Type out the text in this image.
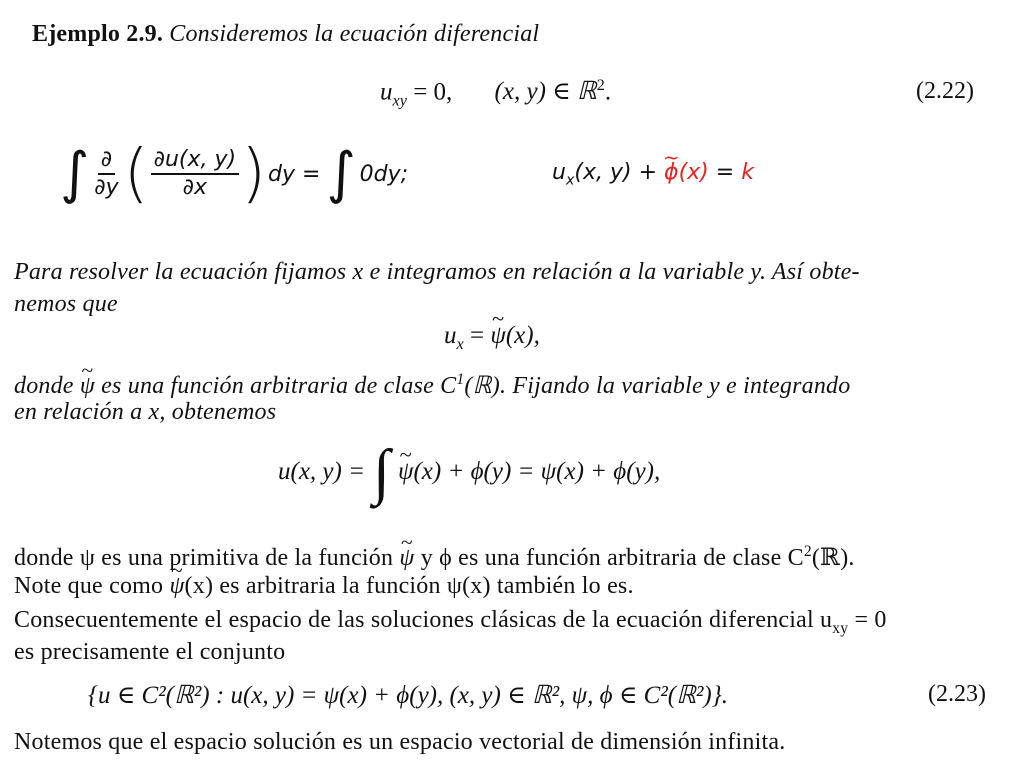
Ejemplo 2.9. Consideremos la ecuación diferencial
$u_{xy} = 0$, (x, y) ∈ ℝ$^2$.	(2.22)
∫ $\frac{\partial}{\partial y}$ ( $\frac{\partial u(x, y)}{\partial x}$ ) dy = ∫ 0dy;	$u_x(x$, y) + ~ ϕ(x) = k
Para resolver la ecuación fijamos x e integramos en relación a la variable y. Así obte-
nemos que
$u_x$ = ~ ψ(x),
donde ~ ψ es una función arbitraria de clase $C^1(ℝ)$. Fijando la variable y e integrando
en relación a x, obtenemos
u(x, y) = ∫ ~ ψ (x) + ϕ(y) = ψ(x) + ϕ(y),
donde ψ es una primitiva de la función ~ ψ y ϕ es una función arbitraria de clase $C^2(ℝ)$.
Note que como ~ ψ(x) es arbitraria la función ψ(x) también lo es.
Consecuentemente el espacio de las soluciones clásicas de la ecuación diferencial $u_{xy} = 0$
es precisamente el conjunto
{u ∈ C²(ℝ²) : u(x, y) = ψ(x) + ϕ(y), (x, y) ∈ ℝ², ψ, ϕ ∈ C²(ℝ²)}.	(2.23)
Notemos que el espacio solución es un espacio vectorial de dimensión infinita.
